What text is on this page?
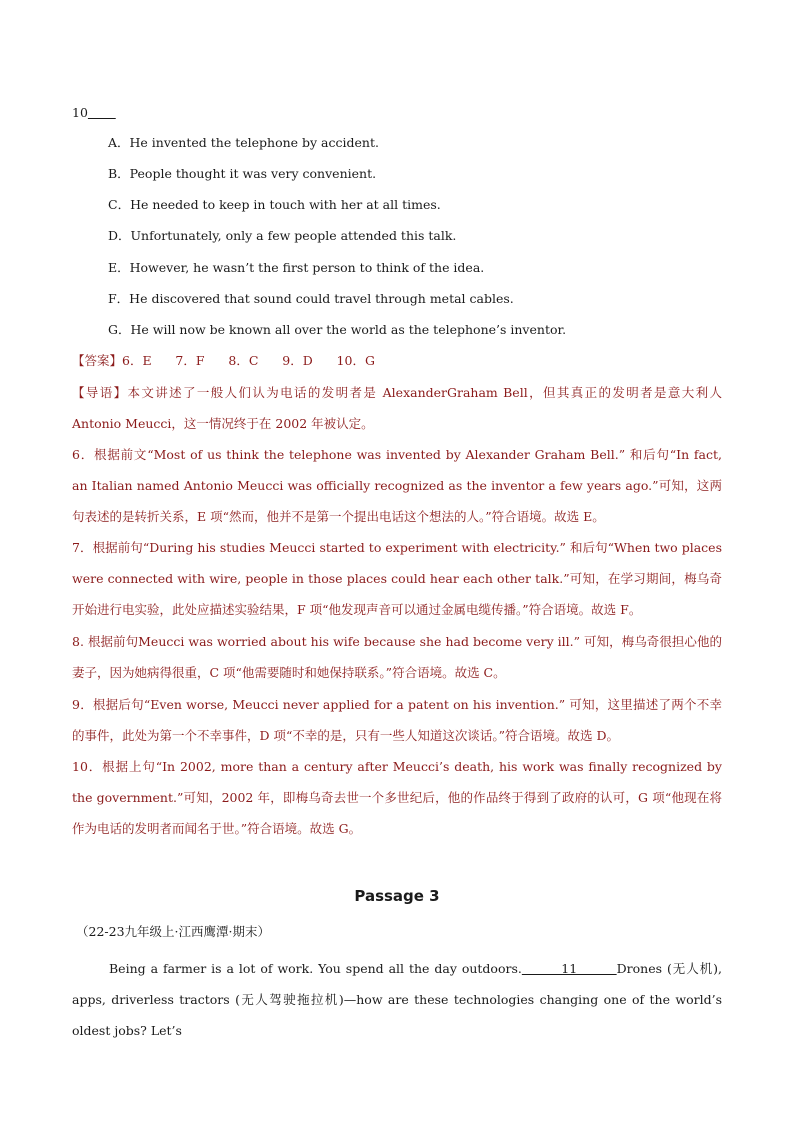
10
A．He invented the telephone by accident.
B．People thought it was very convenient.
C．He needed to keep in touch with her at all times.
D．Unfortunately, only a few people attended this talk.
E．However, he wasn’t the first person to think of the idea.
F．He discovered that sound could travel through metal cables.
G．He will now be known all over the world as the telephone’s inventor.
【答案】6．E      7．F      8．C      9．D      10．G
【导语】本文讲述了一般人们认为电话的发明者是 AlexanderGraham Bell，但其真正的发明者是意大利人 Antonio Meucci，这一情况终于在 2002 年被认定。
6．根据前文“Most of us think the telephone was invented by Alexander Graham Bell.” 和后句“In fact, an Italian named Antonio Meucci was officially recognized as the inventor a few years ago.”可知，这两句表述的是转折关系，E 项“然而，他并不是第一个提出电话这个想法的人。”符合语境。故选 E。
7．根据前句“During his studies Meucci started to experiment with electricity.” 和后句“When two places were connected with wire, people in those places could hear each other talk.”可知，在学习期间，梅乌奇开始进行电实验，此处应描述实验结果，F 项“他发现声音可以通过金属电缆传播。”符合语境。故选 F。
8. 根据前句Meucci was worried about his wife because she had become very ill.” 可知，梅乌奇很担心他的妻子，因为她病得很重，C 项“他需要随时和她保持联系。”符合语境。故选 C。
9．根据后句“Even worse, Meucci never applied for a patent on his invention.” 可知，这里描述了两个不幸的事件，此处为第一个不幸事件，D 项“不幸的是，只有一些人知道这次谈话。”符合语境。故选 D。
10．根据上句“In 2002, more than a century after Meucci’s death, his work was finally recognized by the government.”可知，2002 年，即梅乌奇去世一个多世纪后，他的作品终于得到了政府的认可，G 项“他现在将作为电话的发明者而闻名于世。”符合语境。故选 G。
Passage 3
（22-23九年级上·江西鹰潭·期末）
Being a farmer is a lot of work. You spend all the day outdoors.        11        Drones (无人机), apps, driverless tractors (无人驾驶拖拉机)—how are these technologies changing one of the world’s oldest jobs? Let’s
